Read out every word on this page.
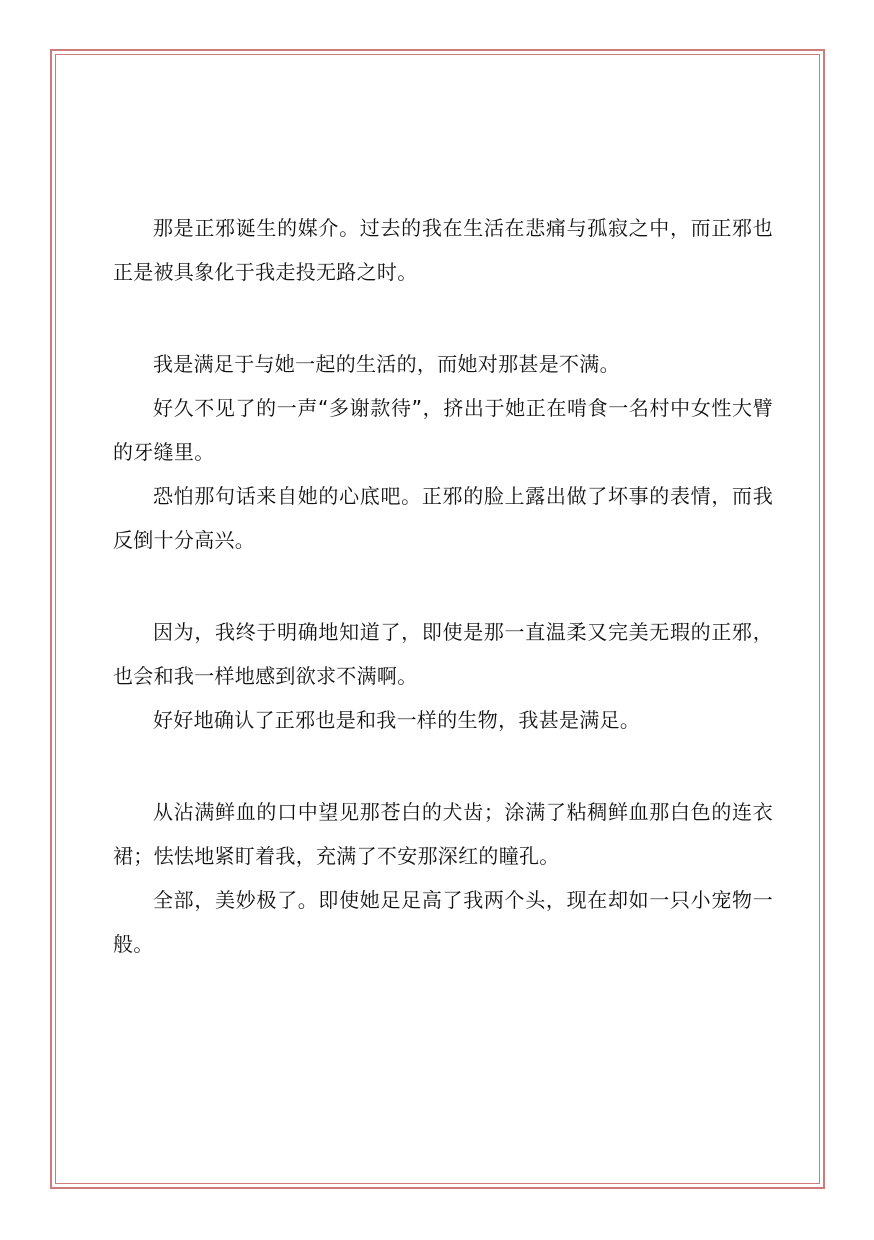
那是正邪诞生的媒介。过去的我在生活在悲痛与孤寂之中，而正邪也正是被具象化于我走投无路之时。

我是满足于与她一起的生活的，而她对那甚是不满。

好久不见了的一声“多谢款待”，挤出于她正在啃食一名村中女性大臂的牙缝里。

恐怕那句话来自她的心底吧。正邪的脸上露出做了坏事的表情，而我反倒十分高兴。

因为，我终于明确地知道了，即使是那一直温柔又完美无瑕的正邪，也会和我一样地感到欲求不满啊。

好好地确认了正邪也是和我一样的生物，我甚是满足。

从沾满鲜血的口中望见那苍白的犬齿；涂满了粘稠鲜血那白色的连衣裙；怯怯地紧盯着我，充满了不安那深红的瞳孔。

全部，美妙极了。即使她足足高了我两个头，现在却如一只小宠物一般。
